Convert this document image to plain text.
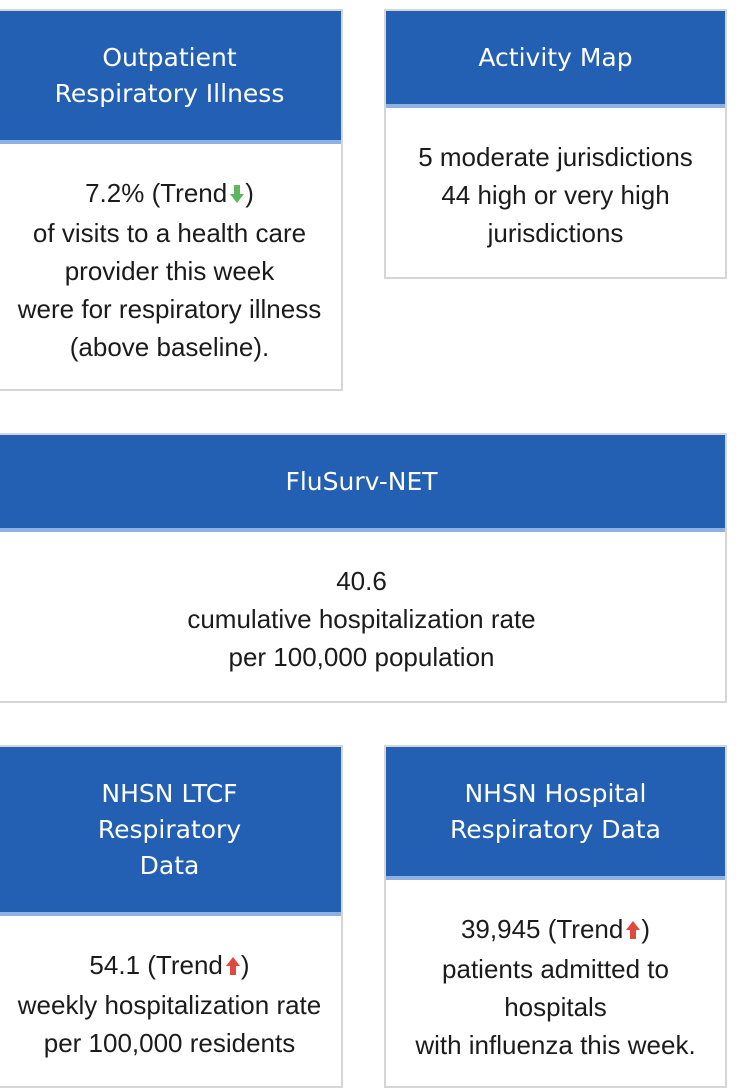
Outpatient
Respiratory Illness
7.2% (Trend )
of visits to a health care
provider this week
were for respiratory illness
(above baseline).
Activity Map
5 moderate jurisdictions
44 high or very high
jurisdictions
FluSurv-NET
40.6
cumulative hospitalization rate
per 100,000 population
NHSN LTCF
Respiratory
Data
54.1 (Trend )
weekly hospitalization rate
per 100,000 residents
NHSN Hospital
Respiratory Data
39,945 (Trend )
patients admitted to
hospitals
with influenza this week.
